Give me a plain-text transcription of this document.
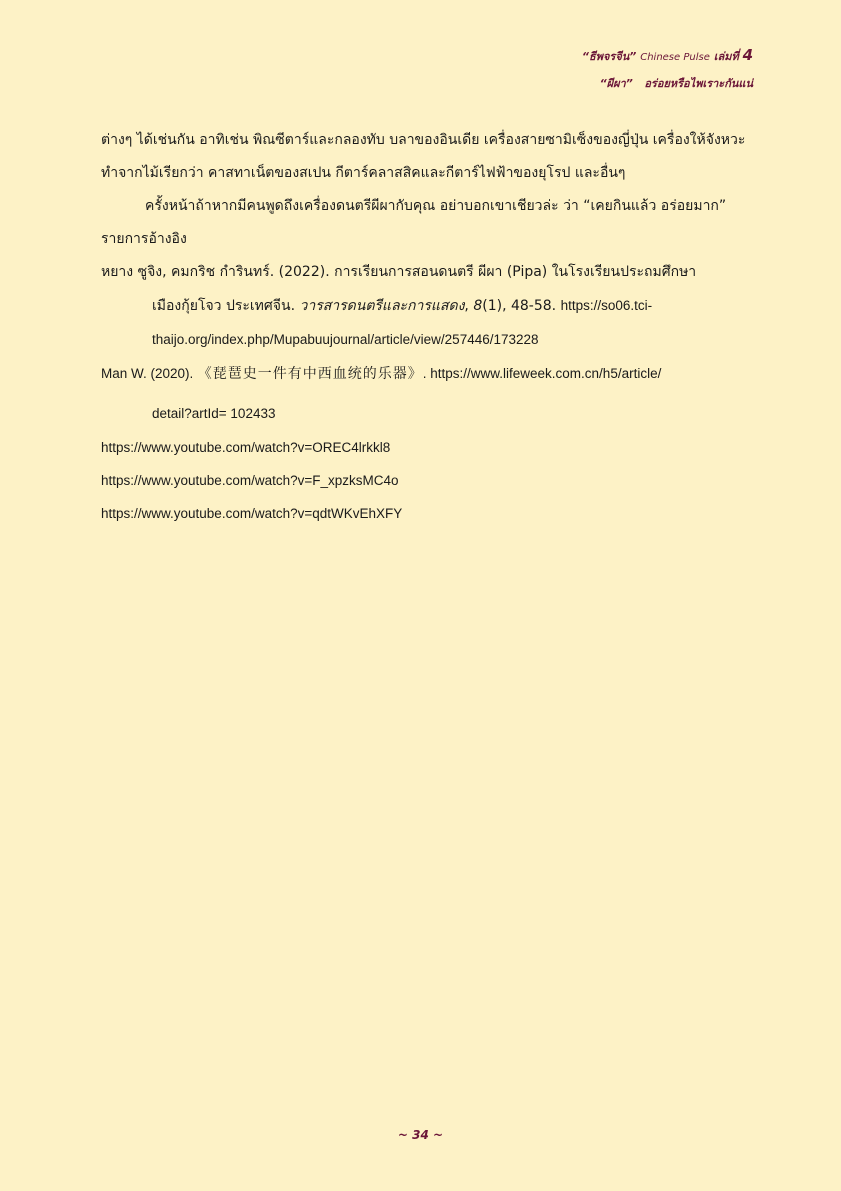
“ธีพจรจีน” Chinese Pulse เล่มที่ 4
“ผีผา” อร่อยหรือไพเราะกันแน่

ต่างๆ ได้เช่นกัน อาทิเช่น พิณซีตาร์และกลองทับ บลาของอินเดีย เครื่องสายซามิเซ็งของญี่ปุ่น เครื่องให้จังหวะทำจากไม้เรียกว่า คาสทาเน็ตของสเปน กีตาร์คลาสสิคและกีตาร์ไฟฟ้าของยุโรป และอื่นๆ

ครั้งหน้าถ้าหากมีคนพูดถึงเครื่องดนตรีผีผากับคุณ อย่าบอกเขาเชียวล่ะ ว่า “เคยกินแล้ว อร่อยมาก”

รายการอ้างอิง

หยาง ซูจิง, คมกริช กำรินทร์. (2022). การเรียนการสอนดนตรี ผีผา (Pipa) ในโรงเรียนประถมศึกษา

เมืองกุ้ยโจว ประเทศจีน. วารสารดนตรีและการแสดง, 8(1), 48-58. https://so06.tci-

thaijo.org/index.php/Mupabuujournal/article/view/257446/173228

Man W. (2020). 《琵琶史一件有中西血统的乐器》. https://www.lifeweek.com.cn/h5/article/

detail?artId= 102433

https://www.youtube.com/watch?v=OREC4lrkkl8

https://www.youtube.com/watch?v=F_xpzksMC4o

https://www.youtube.com/watch?v=qdtWKvEhXFY

~ 34 ~
